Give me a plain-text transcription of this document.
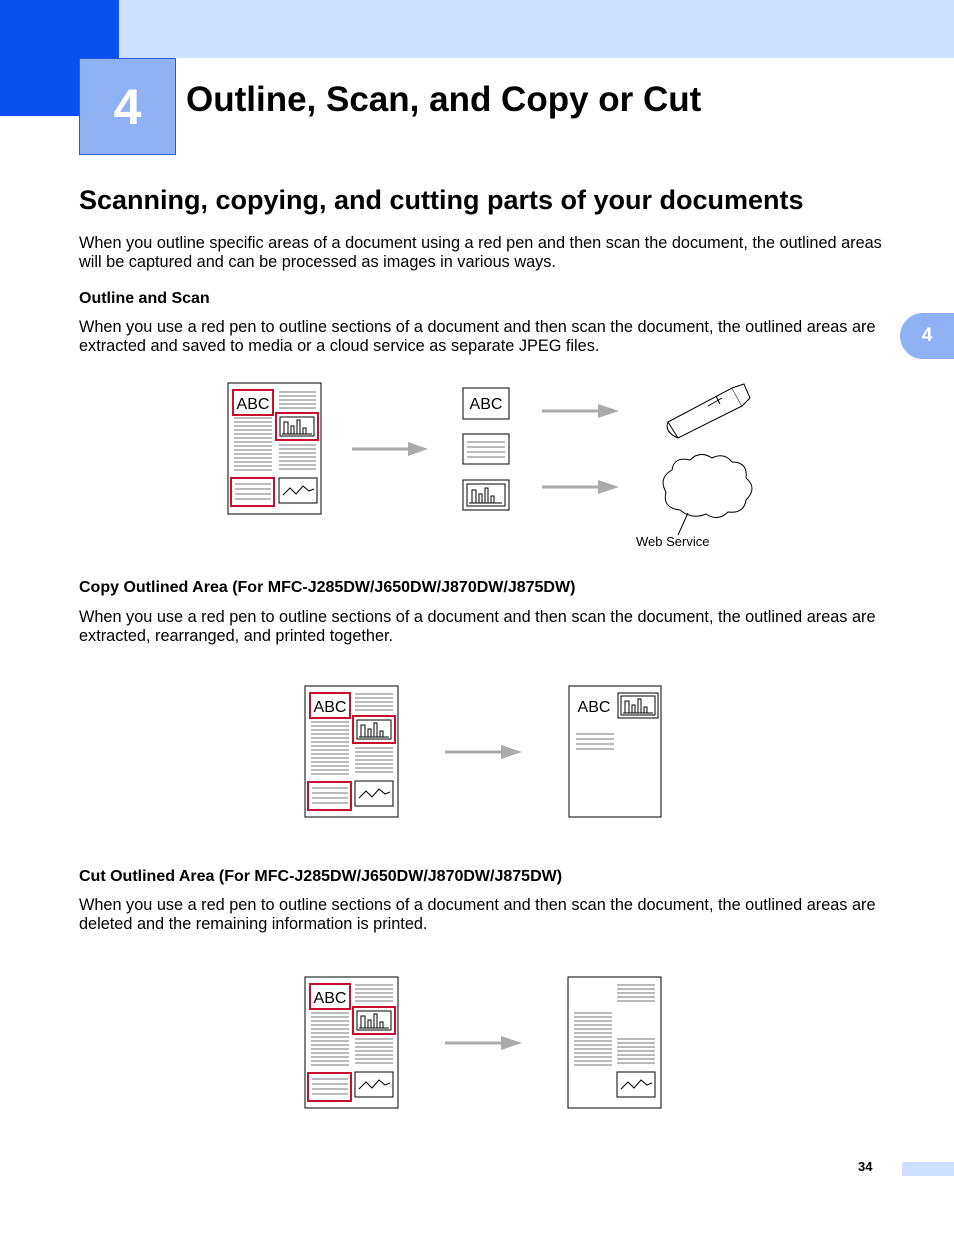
4 Outline, Scan, and Copy or Cut
Scanning, copying, and cutting parts of your documents
When you outline specific areas of a document using a red pen and then scan the document, the outlined areas will be captured and can be processed as images in various ways.
Outline and Scan
When you use a red pen to outline sections of a document and then scan the document, the outlined areas are extracted and saved to media or a cloud service as separate JPEG files.	4
ABC	ABC
Web Service
Copy Outlined Area (For MFC-J285DW/J650DW/J870DW/J875DW)
When you use a red pen to outline sections of a document and then scan the document, the outlined areas are extracted, rearranged, and printed together.
ABC	ABC
Cut Outlined Area (For MFC-J285DW/J650DW/J870DW/J875DW)
When you use a red pen to outline sections of a document and then scan the document, the outlined areas are deleted and the remaining information is printed.
ABC
34
